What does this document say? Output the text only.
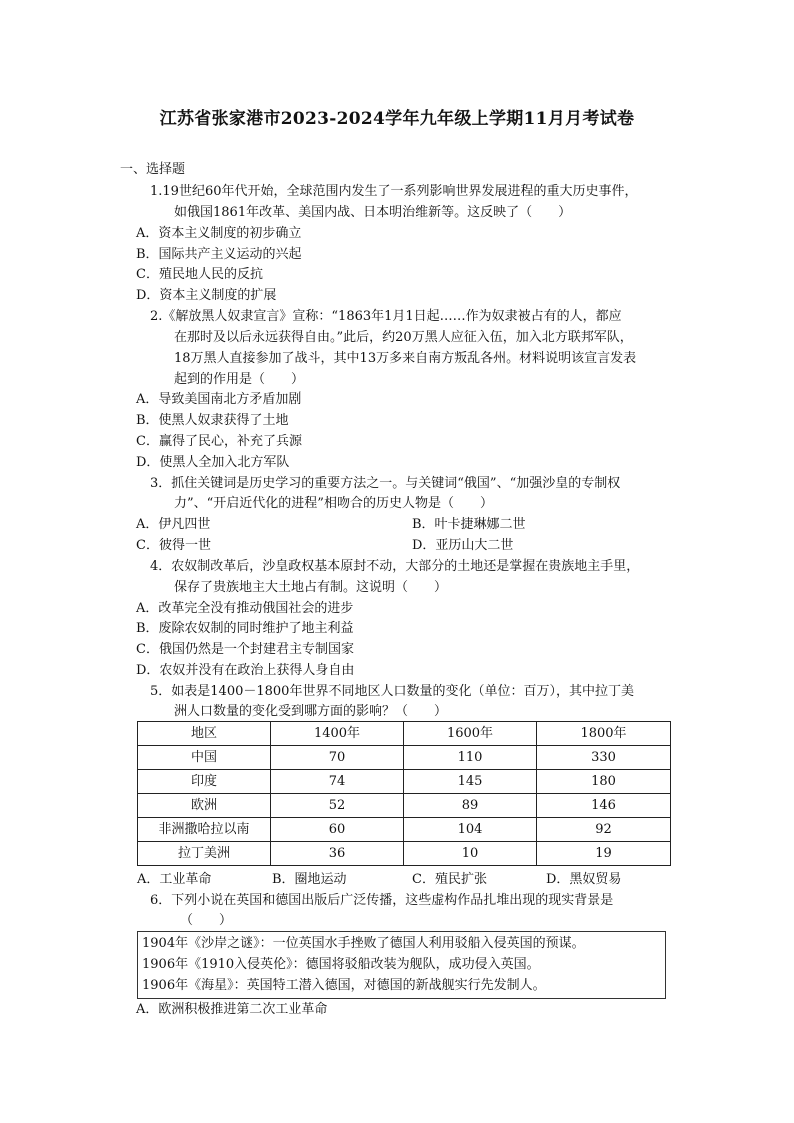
江苏省张家港市2023-2024学年九年级上学期11月月考试卷
一、选择题
1.19世纪60年代开始，全球范围内发生了一系列影响世界发展进程的重大历史事件，
如俄国1861年改革、美国内战、日本明治维新等。这反映了（　　）
A．资本主义制度的初步确立
B．国际共产主义运动的兴起
C．殖民地人民的反抗
D．资本主义制度的扩展
2.《解放黑人奴隶宣言》宣称：“1863年1月1日起……作为奴隶被占有的人，都应
在那时及以后永远获得自由。”此后，约20万黑人应征入伍，加入北方联邦军队，
18万黑人直接参加了战斗，其中13万多来自南方叛乱各州。材料说明该宣言发表
起到的作用是（　　）
A．导致美国南北方矛盾加剧
B．使黑人奴隶获得了土地
C．赢得了民心，补充了兵源
D．使黑人全加入北方军队
3．抓住关键词是历史学习的重要方法之一。与关键词“俄国”、“加强沙皇的专制权
力”、“开启近代化的进程”相吻合的历史人物是（　　）
A．伊凡四世	B．叶卡捷琳娜二世
C．彼得一世	D．亚历山大二世
4．农奴制改革后，沙皇政权基本原封不动，大部分的土地还是掌握在贵族地主手里，
保存了贵族地主大土地占有制。这说明（　　）
A．改革完全没有推动俄国社会的进步
B．废除农奴制的同时维护了地主利益
C．俄国仍然是一个封建君主专制国家
D．农奴并没有在政治上获得人身自由
5．如表是1400－1800年世界不同地区人口数量的变化（单位：百万），其中拉丁美
洲人口数量的变化受到哪方面的影响？（　　）
地区	1400年	1600年	1800年
中国	70	110	330
印度	74	145	180
欧洲	52	89	146
非洲撒哈拉以南	60	104	92
拉丁美洲	36	10	19
A．工业革命	B．圈地运动	C．殖民扩张	D．黑奴贸易
6．下列小说在英国和德国出版后广泛传播，这些虚构作品扎堆出现的现实背景是
（　　）
1904年《沙岸之谜》：一位英国水手挫败了德国人利用驳船入侵英国的预谋。
1906年《1910入侵英伦》：德国将驳船改装为舰队，成功侵入英国。
1906年《海星》：英国特工潜入德国，对德国的新战舰实行先发制人。
A．欧洲积极推进第二次工业革命
